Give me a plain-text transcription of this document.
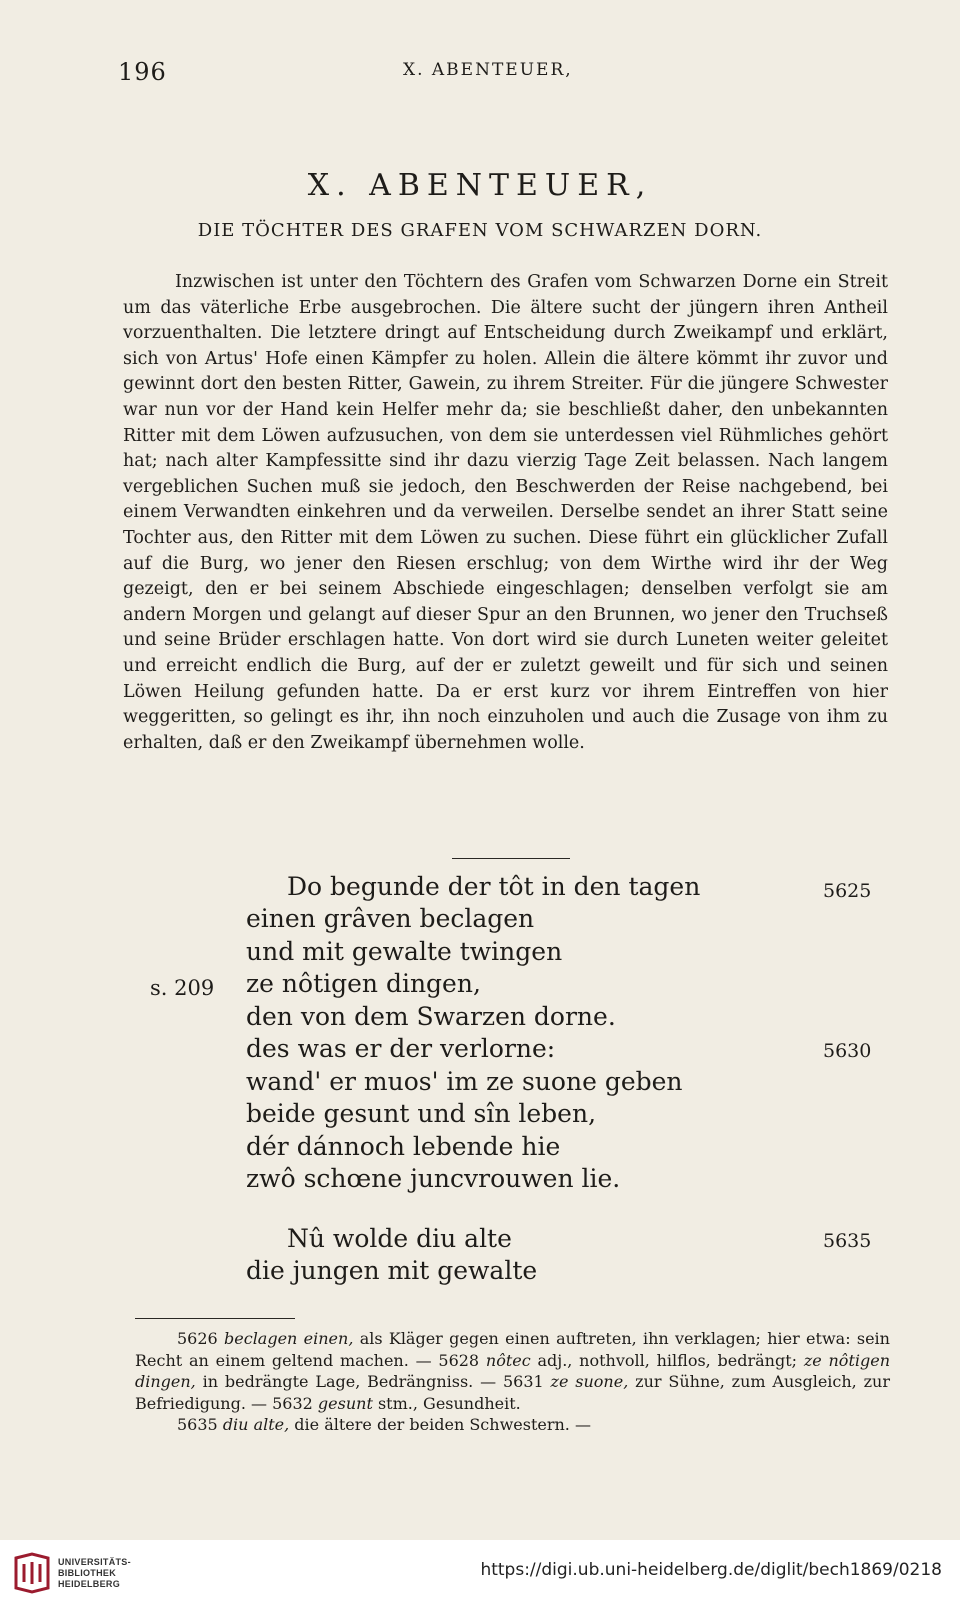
196	X. ABENTEUER,
X. ABENTEUER,
DIE TÖCHTER DES GRAFEN VOM SCHWARZEN DORN.
Inzwischen ist unter den Töchtern des Grafen vom Schwarzen Dorne ein Streit um das väterliche Erbe ausgebrochen. Die ältere sucht der jüngern ihren Antheil vorzuenthalten. Die letztere dringt auf Entscheidung durch Zweikampf und erklärt, sich von Artus' Hofe einen Kämpfer zu holen. Allein die ältere kömmt ihr zuvor und gewinnt dort den besten Ritter, Gawein, zu ihrem Streiter. Für die jüngere Schwester war nun vor der Hand kein Helfer mehr da; sie beschließt daher, den unbekannten Ritter mit dem Löwen aufzusuchen, von dem sie unterdessen viel Rühmliches gehört hat; nach alter Kampfessitte sind ihr dazu vierzig Tage Zeit belassen. Nach langem vergeblichen Suchen muß sie jedoch, den Beschwerden der Reise nachgebend, bei einem Verwandten einkehren und da verweilen. Derselbe sendet an ihrer Statt seine Tochter aus, den Ritter mit dem Löwen zu suchen. Diese führt ein glücklicher Zufall auf die Burg, wo jener den Riesen erschlug; von dem Wirthe wird ihr der Weg gezeigt, den er bei seinem Abschiede eingeschlagen; denselben verfolgt sie am andern Morgen und gelangt auf dieser Spur an den Brunnen, wo jener den Truchseß und seine Brüder erschlagen hatte. Von dort wird sie durch Luneten weiter geleitet und erreicht endlich die Burg, auf der er zuletzt geweilt und für sich und seinen Löwen Heilung gefunden hatte. Da er erst kurz vor ihrem Eintreffen von hier weggeritten, so gelingt es ihr, ihn noch einzuholen und auch die Zusage von ihm zu erhalten, daß er den Zweikampf übernehmen wolle.
Do begunde der tôt in den tagen
einen grâven beclagen
und mit gewalte twingen
ze nôtigen dingen,
den von dem Swarzen dorne.
des was er der verlorne:
wand' er muos' im ze suone geben
beide gesunt und sîn leben,
dér dánnoch lebende hie
zwô schœne juncvrouwen lie.
Nû wolde diu alte
die jungen mit gewalte
s. 209
5625
5630
5635

5626 beclagen einen, als Kläger gegen einen auftreten, ihn verklagen; hier etwa: sein Recht an einem geltend machen. — 5628 nôtec adj., nothvoll, hilflos, bedrängt; ze nôtigen dingen, in bedrängte Lage, Bedrängniss. — 5631 ze suone, zur Sühne, zum Ausgleich, zur Befriedigung. — 5632 gesunt stm., Gesundheit.

5635 diu alte, die ältere der beiden Schwestern. —

UNIVERSITÄTS-
BIBLIOTHEK
HEIDELBERG
https://digi.ub.uni-heidelberg.de/diglit/bech1869/0218
